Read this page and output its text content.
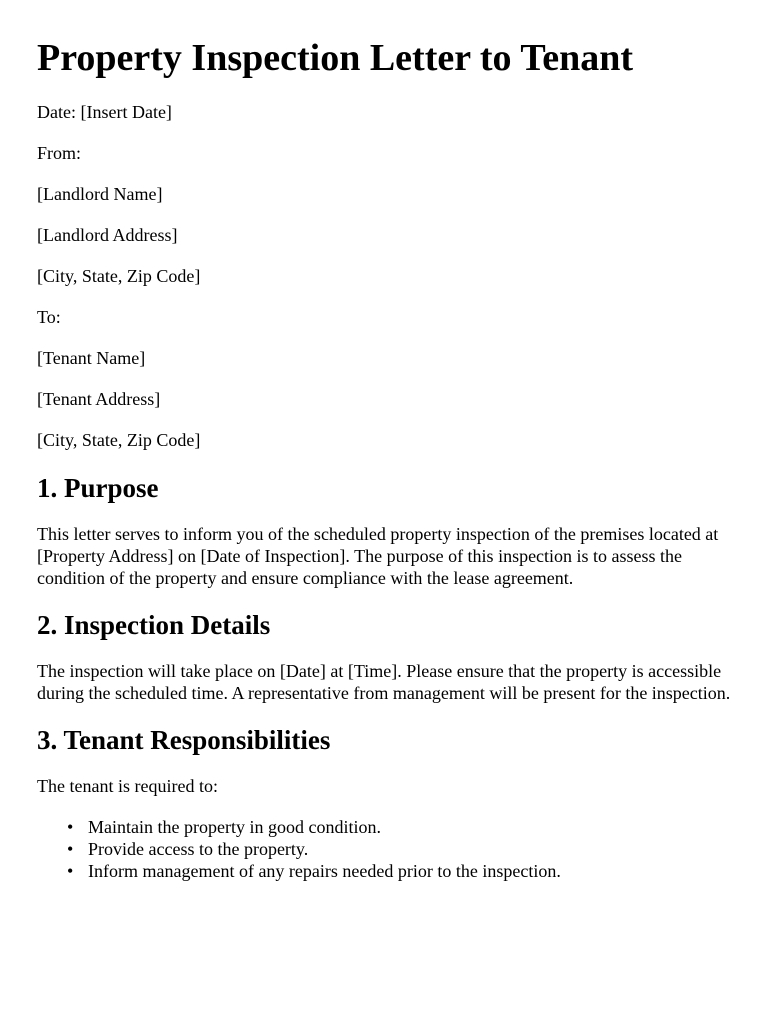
Property Inspection Letter to Tenant

Date: [Insert Date]

From:

[Landlord Name]

[Landlord Address]

[City, State, Zip Code]

To:

[Tenant Name]

[Tenant Address]

[City, State, Zip Code]

1. Purpose

This letter serves to inform you of the scheduled property inspection of the premises located at [Property Address] on [Date of Inspection]. The purpose of this inspection is to assess the condition of the property and ensure compliance with the lease agreement.

2. Inspection Details

The inspection will take place on [Date] at [Time]. Please ensure that the property is accessible during the scheduled time. A representative from management will be present for the inspection.

3. Tenant Responsibilities

The tenant is required to:

• Maintain the property in good condition.
• Provide access to the property.
• Inform management of any repairs needed prior to the inspection.
